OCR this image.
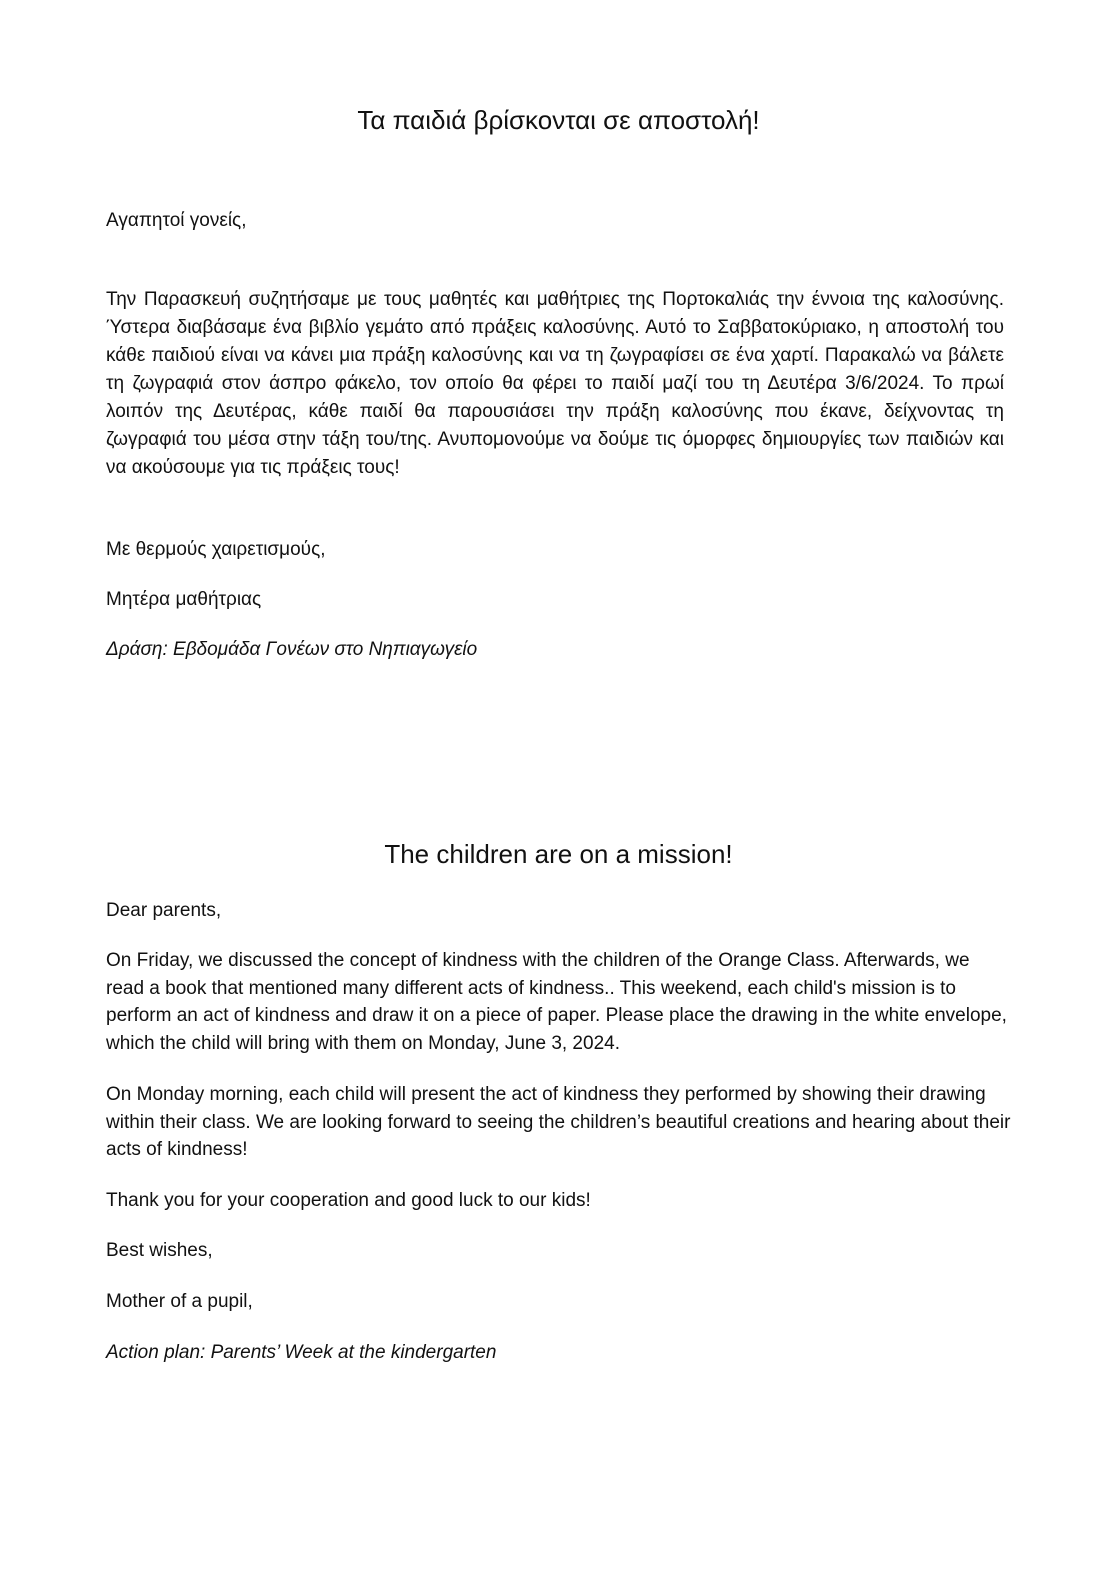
Τα παιδιά βρίσκονται σε αποστολή!

Αγαπητοί γονείς,

Την Παρασκευή συζητήσαμε με τους μαθητές και μαθήτριες της Πορτοκαλιάς την έννοια της καλοσύνης. Ύστερα διαβάσαμε ένα βιβλίο γεμάτο από πράξεις καλοσύνης. Αυτό το Σαββατοκύριακο, η αποστολή του κάθε παιδιού είναι να κάνει μια πράξη καλοσύνης και να τη ζωγραφίσει σε ένα χαρτί. Παρακαλώ να βάλετε τη ζωγραφιά στον άσπρο φάκελο, τον οποίο θα φέρει το παιδί μαζί του τη Δευτέρα 3/6/2024. Το πρωί λοιπόν της Δευτέρας, κάθε παιδί θα παρουσιάσει την πράξη καλοσύνης που έκανε, δείχνοντας τη ζωγραφιά του μέσα στην τάξη του/της. Ανυπομονούμε να δούμε τις όμορφες δημιουργίες των παιδιών και να ακούσουμε για τις πράξεις τους!

Με θερμούς χαιρετισμούς,

Μητέρα μαθήτριας

Δράση: Εβδομάδα Γονέων στο Νηπιαγωγείο

The children are on a mission!

Dear parents,

On Friday, we discussed the concept of kindness with the children of the Orange Class. Afterwards, we read a book that mentioned many different acts of kindness.. This weekend, each child's mission is to perform an act of kindness and draw it on a piece of paper. Please place the drawing in the white envelope, which the child will bring with them on Monday, June 3, 2024.

On Monday morning, each child will present the act of kindness they performed by showing their drawing within their class. We are looking forward to seeing the children’s beautiful creations and hearing about their acts of kindness!

Thank you for your cooperation and good luck to our kids!

Best wishes,

Mother of a pupil,

Action plan: Parents’ Week at the kindergarten
